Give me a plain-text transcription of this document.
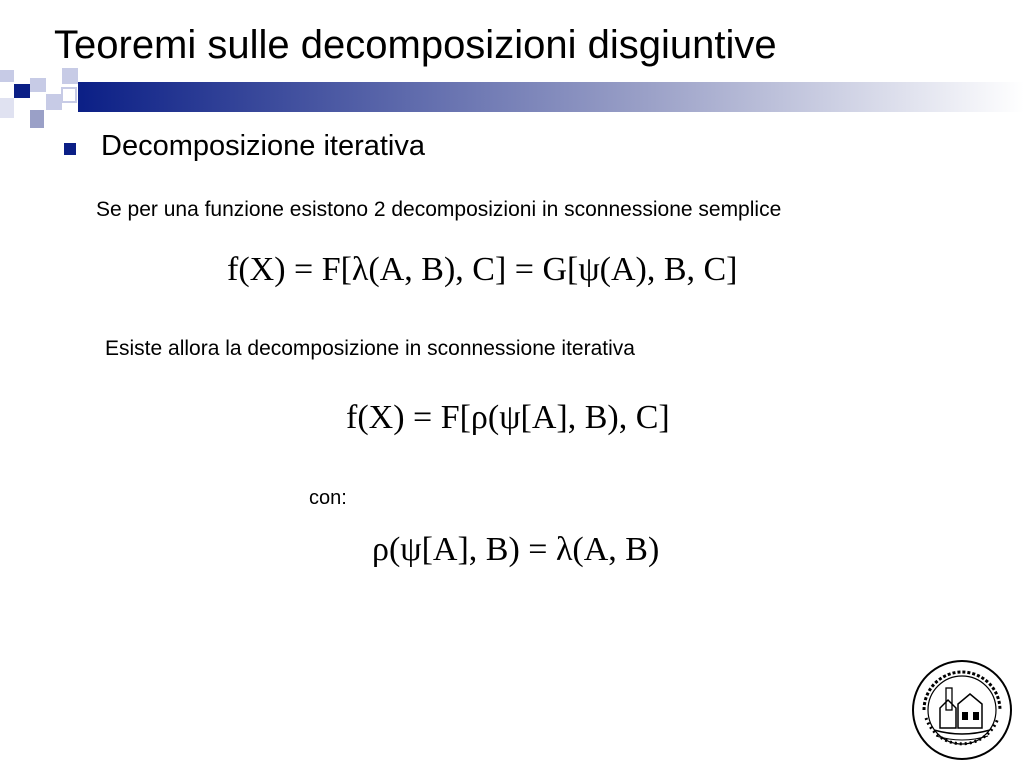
Teoremi sulle decomposizioni disgiuntive
Decomposizione iterativa
Se per una funzione esistono 2 decomposizioni in sconnessione semplice
f(X) = F[λ(A, B), C] = G[ψ(A), B, C]
Esiste allora la decomposizione in sconnessione iterativa
f(X) = F[ρ(ψ[A], B), C]
con:
ρ(ψ[A], B) = λ(A, B)
